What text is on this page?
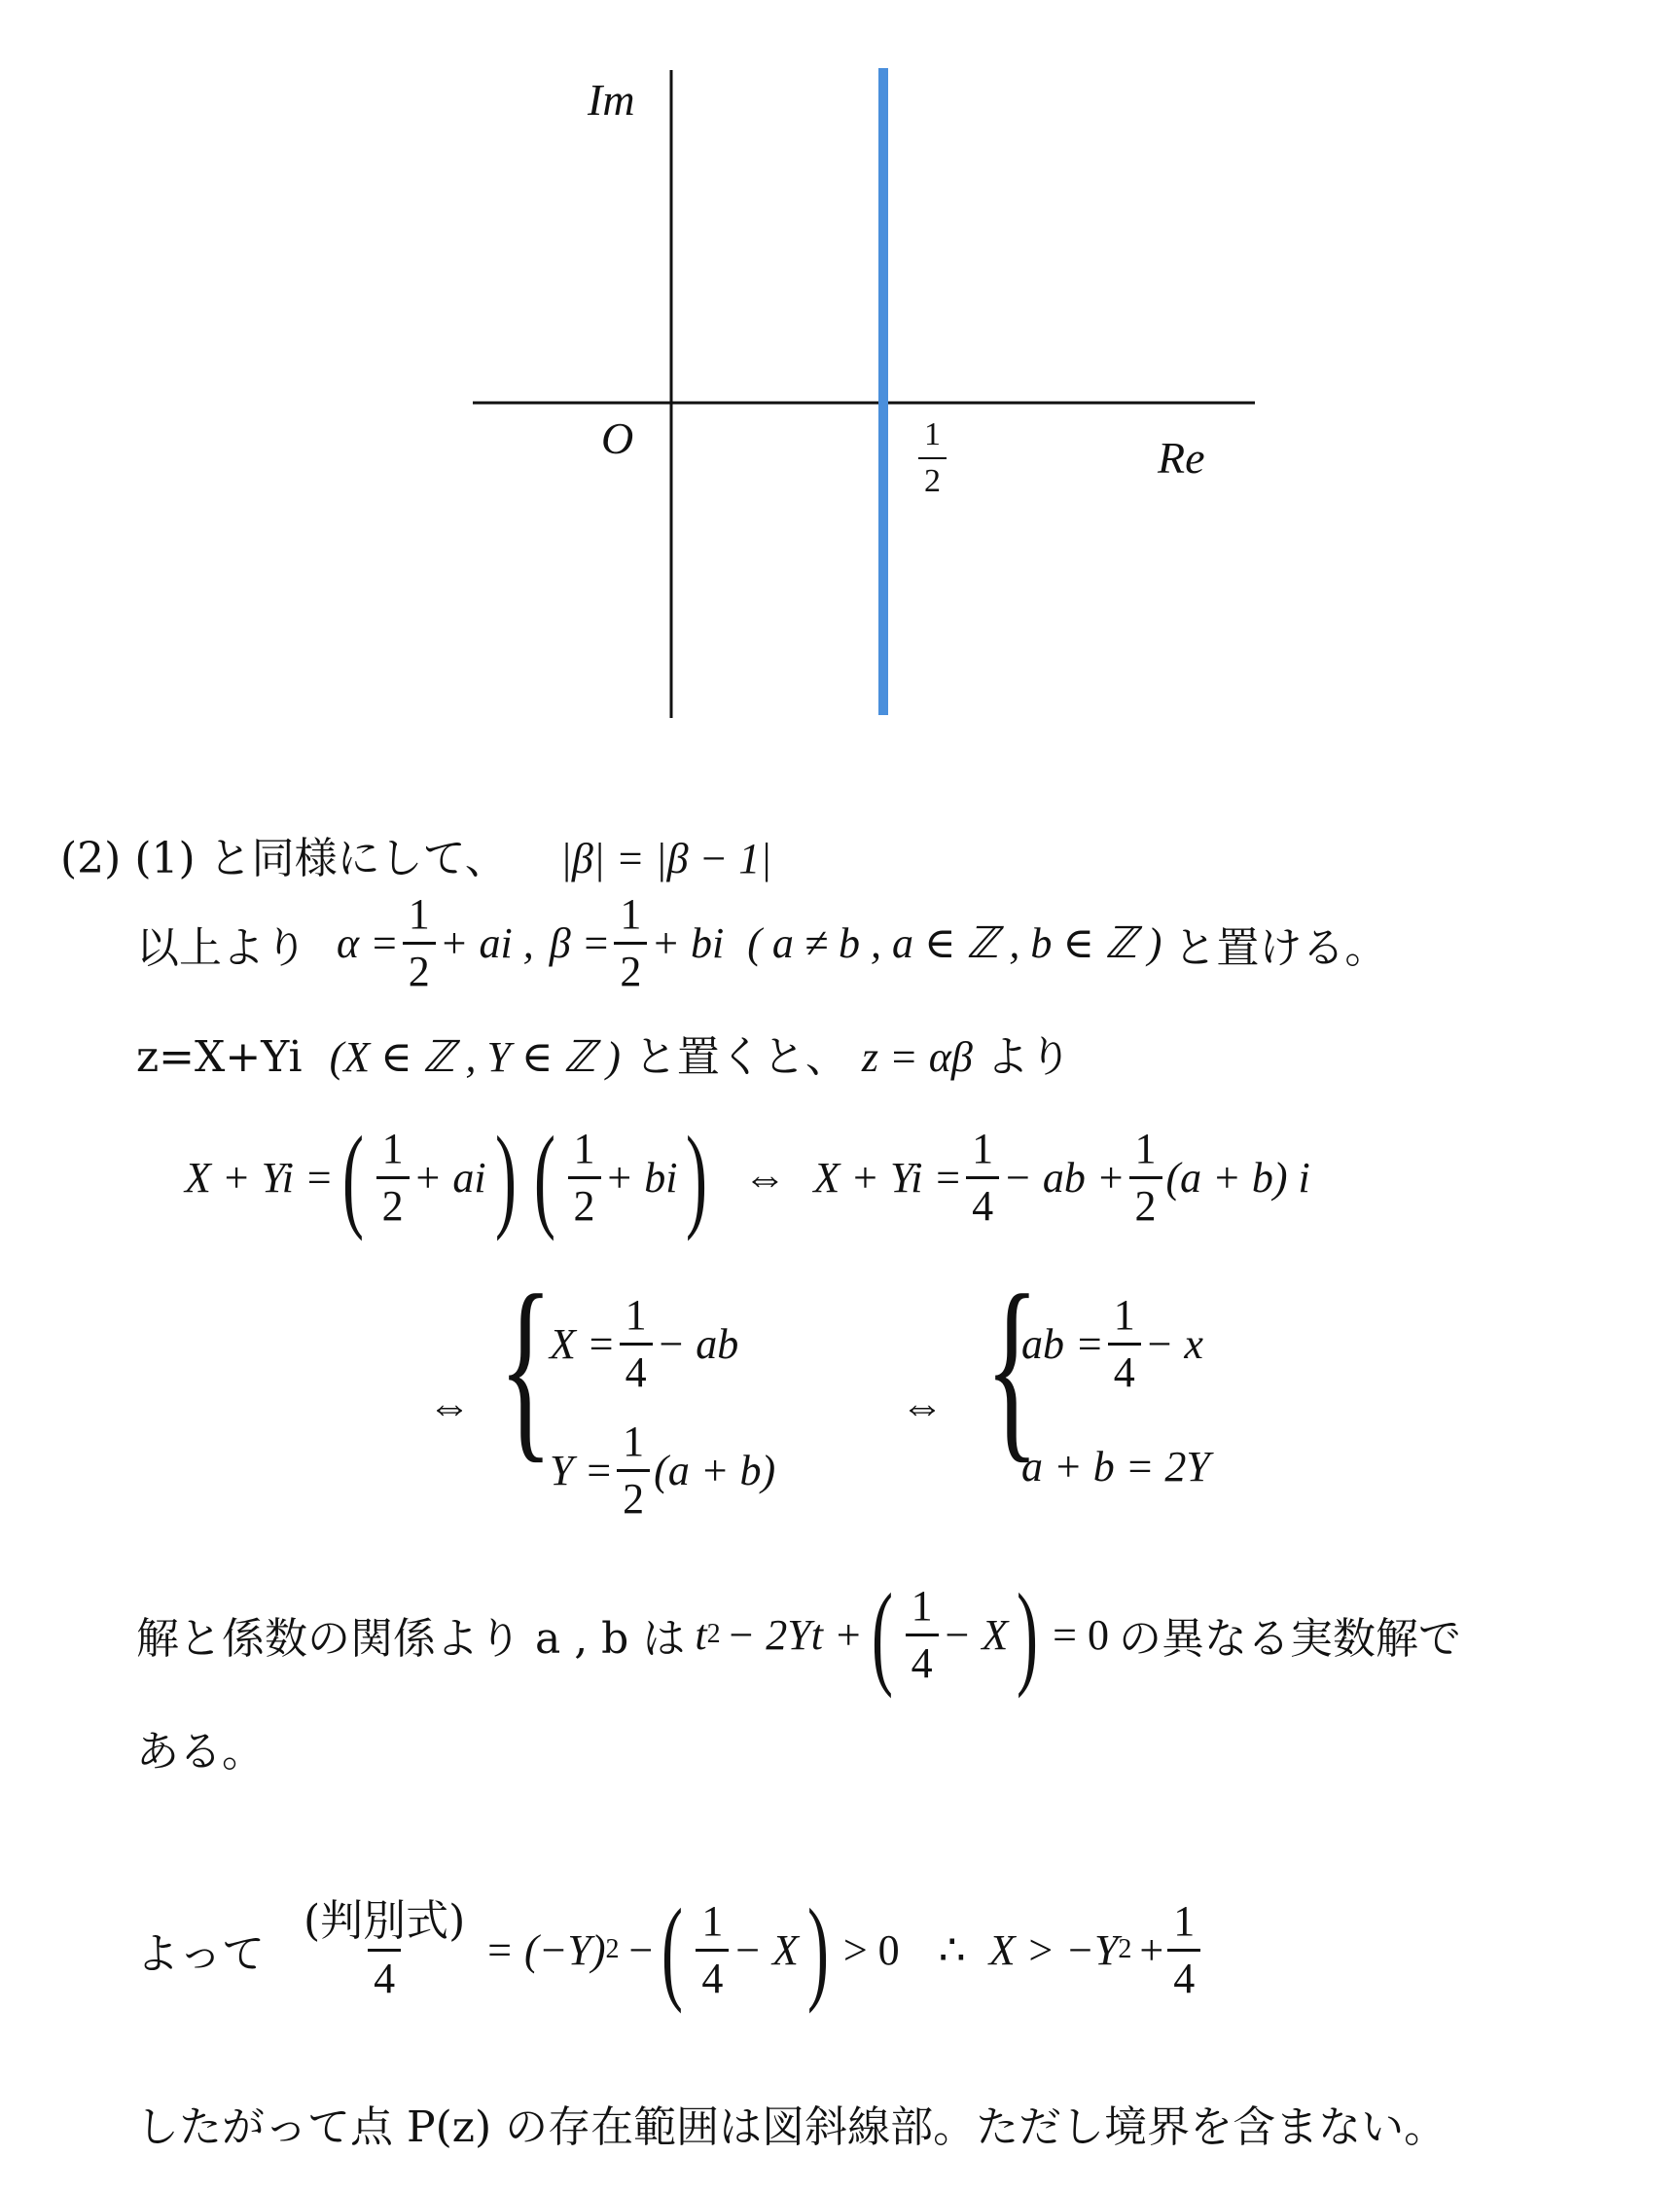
Im
Re
O	$\frac{1}{2}$
(2) (1) と同様にして、 |β| = |β − 1|
以上より $\alpha = \frac{1}{2}$ + ai , $\beta = \frac{1}{2}$ + bi ( a ≠ b , a ∈ ℤ , b ∈ ℤ ) と置ける。
z=X+Yi (X ∈ ℤ , Y ∈ ℤ ) と置くと、 z = αβ より
X + Yi = ( $\frac{1}{2}$ + ai ) ( $\frac{1}{2}$ + bi ) ⇔ $X + Yi = \frac{1}{4}$ − ab + $\frac{1}{2} (a + b)$ i
⇔ {
$X = \frac{1}{4}$ − ab
$Y = \frac{1}{2} (a + b)$
⇔ {
ab = $\frac{1}{4} - x$
a + b = 2Y
解と係数の関係より a , b は t 2 − 2Yt + ( $\frac{1}{4} - X$ ) = 0 の異なる実数解で
ある。
よって $\frac{\text{(判別式)}}{4} = (-Y) 2$ − ( $\frac{1}{4} - X$ ) > 0 ∴ X > −Y $2 + \frac{1}{4}$
したがって点 P(z) の存在範囲は図斜線部。ただし境界を含まない。
